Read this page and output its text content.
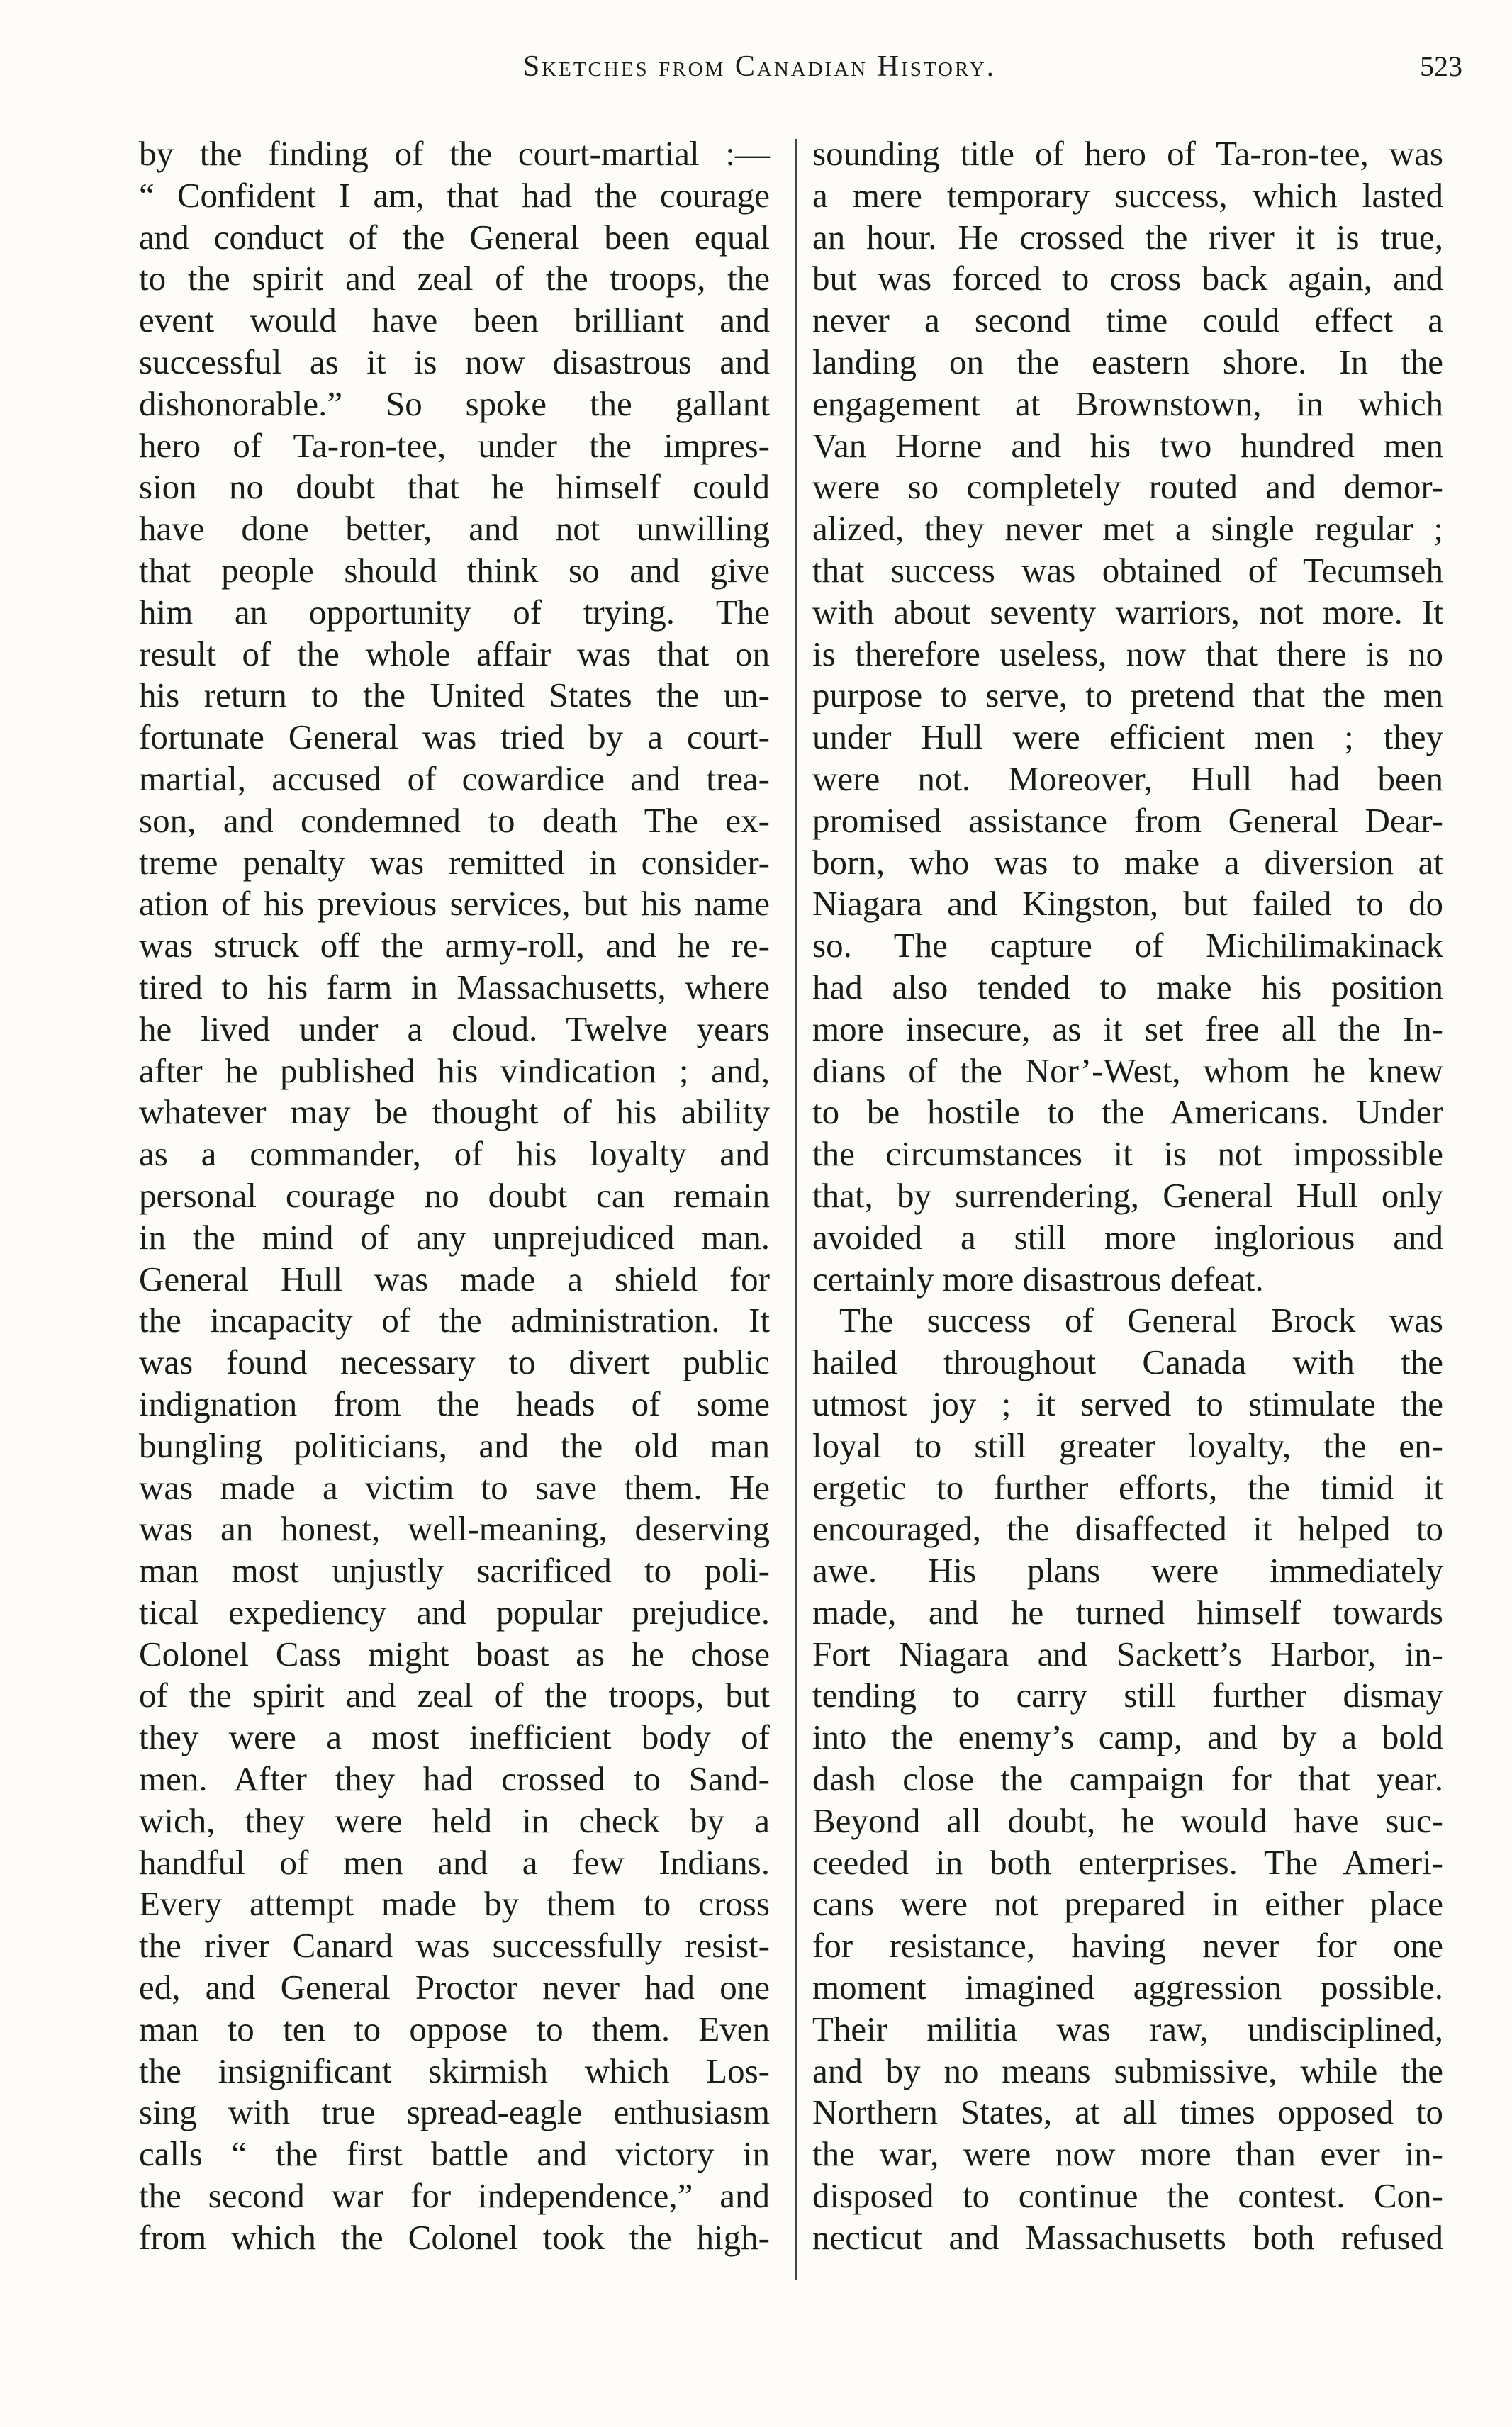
Sketches from Canadian History.	523
by the finding of the court-martial :—
“ Confident I am, that had the courage
and conduct of the General been equal
to the spirit and zeal of the troops, the
event would have been brilliant and
successful as it is now disastrous and
dishonorable.” So spoke the gallant
hero of Ta-ron-tee, under the impres-
sion no doubt that he himself could
have done better, and not unwilling
that people should think so and give
him an opportunity of trying. The
result of the whole affair was that on
his return to the United States the un-
fortunate General was tried by a court-
martial, accused of cowardice and trea-
son, and condemned to death The ex-
treme penalty was remitted in consider-
ation of his previous services, but his name
was struck off the army-roll, and he re-
tired to his farm in Massachusetts, where
he lived under a cloud. Twelve years
after he published his vindication ; and,
whatever may be thought of his ability
as a commander, of his loyalty and
personal courage no doubt can remain
in the mind of any unprejudiced man.
General Hull was made a shield for
the incapacity of the administration. It
was found necessary to divert public
indignation from the heads of some
bungling politicians, and the old man
was made a victim to save them. He
was an honest, well-meaning, deserving
man most unjustly sacrificed to poli-
tical expediency and popular prejudice.
Colonel Cass might boast as he chose
of the spirit and zeal of the troops, but
they were a most inefficient body of
men. After they had crossed to Sand-
wich, they were held in check by a
handful of men and a few Indians.
Every attempt made by them to cross
the river Canard was successfully resist-
ed, and General Proctor never had one
man to ten to oppose to them. Even
the insignificant skirmish which Los-
sing with true spread-eagle enthusiasm
calls “ the first battle and victory in
the second war for independence,” and
from which the Colonel took the high-
sounding title of hero of Ta-ron-tee, was
a mere temporary success, which lasted
an hour. He crossed the river it is true,
but was forced to cross back again, and
never a second time could effect a
landing on the eastern shore. In the
engagement at Brownstown, in which
Van Horne and his two hundred men
were so completely routed and demor-
alized, they never met a single regular ;
that success was obtained of Tecumseh
with about seventy warriors, not more. It
is therefore useless, now that there is no
purpose to serve, to pretend that the men
under Hull were efficient men ; they
were not. Moreover, Hull had been
promised assistance from General Dear-
born, who was to make a diversion at
Niagara and Kingston, but failed to do
so. The capture of Michilimakinack
had also tended to make his position
more insecure, as it set free all the In-
dians of the Nor’-West, whom he knew
to be hostile to the Americans. Under
the circumstances it is not impossible
that, by surrendering, General Hull only
avoided a still more inglorious and
certainly more disastrous defeat.
The success of General Brock was
hailed throughout Canada with the
utmost joy ; it served to stimulate the
loyal to still greater loyalty, the en-
ergetic to further efforts, the timid it
encouraged, the disaffected it helped to
awe. His plans were immediately
made, and he turned himself towards
Fort Niagara and Sackett’s Harbor, in-
tending to carry still further dismay
into the enemy’s camp, and by a bold
dash close the campaign for that year.
Beyond all doubt, he would have suc-
ceeded in both enterprises. The Ameri-
cans were not prepared in either place
for resistance, having never for one
moment imagined aggression possible.
Their militia was raw, undisciplined,
and by no means submissive, while the
Northern States, at all times opposed to
the war, were now more than ever in-
disposed to continue the contest. Con-
necticut and Massachusetts both refused
